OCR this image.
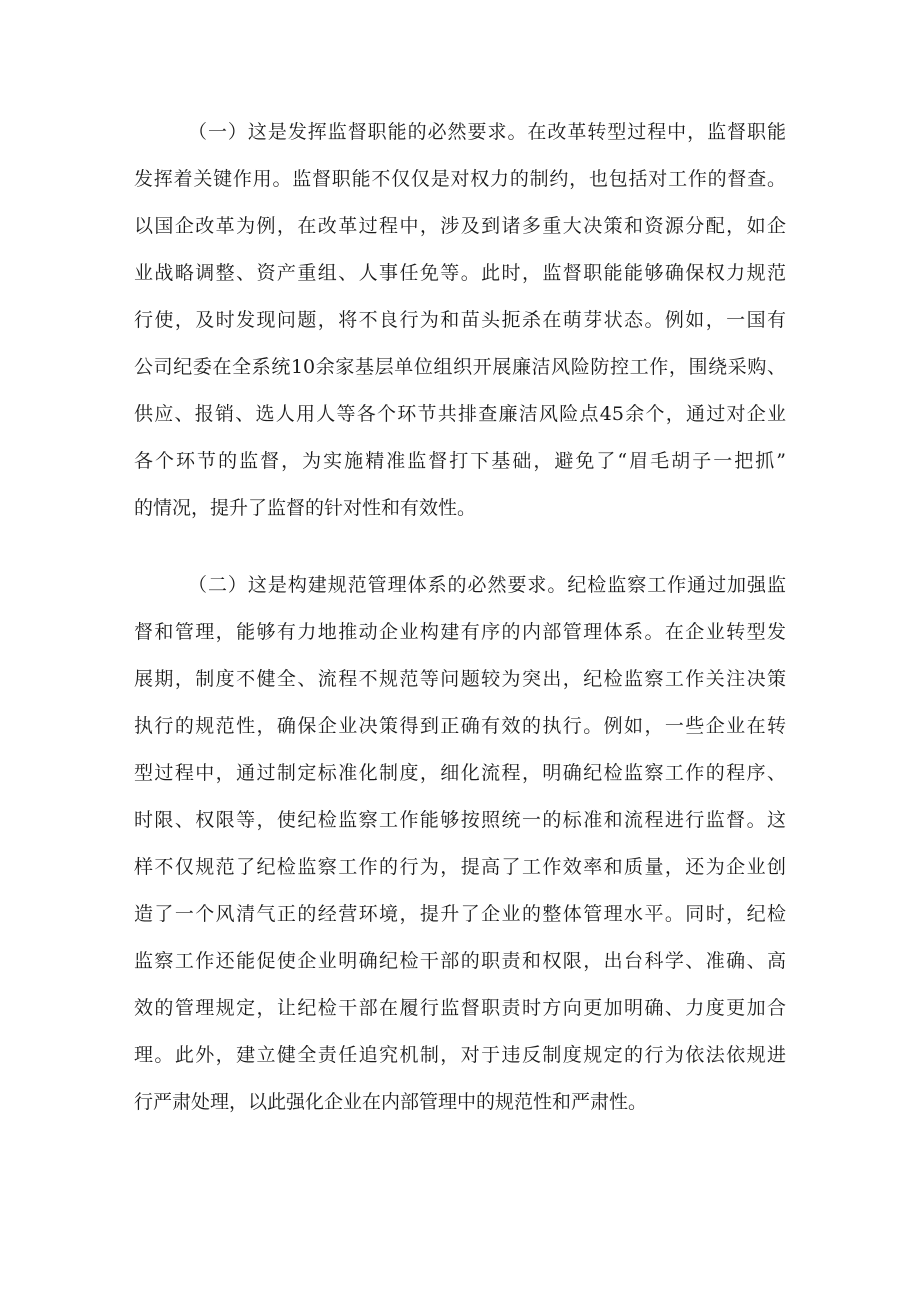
（一）这是发挥监督职能的必然要求。在改革转型过程中，监督职能
发挥着关键作用。监督职能不仅仅是对权力的制约，也包括对工作的督查。
以国企改革为例，在改革过程中，涉及到诸多重大决策和资源分配，如企
业战略调整、资产重组、人事任免等。此时，监督职能能够确保权力规范
行使，及时发现问题，将不良行为和苗头扼杀在萌芽状态。例如，一国有
公司纪委在全系统10余家基层单位组织开展廉洁风险防控工作，围绕采购、
供应、报销、选人用人等各个环节共排查廉洁风险点45余个，通过对企业
各个环节的监督，为实施精准监督打下基础，避免了“眉毛胡子一把抓”
的情况，提升了监督的针对性和有效性。
（二）这是构建规范管理体系的必然要求。纪检监察工作通过加强监
督和管理，能够有力地推动企业构建有序的内部管理体系。在企业转型发
展期，制度不健全、流程不规范等问题较为突出，纪检监察工作关注决策
执行的规范性，确保企业决策得到正确有效的执行。例如，一些企业在转
型过程中，通过制定标准化制度，细化流程，明确纪检监察工作的程序、
时限、权限等，使纪检监察工作能够按照统一的标准和流程进行监督。这
样不仅规范了纪检监察工作的行为，提高了工作效率和质量，还为企业创
造了一个风清气正的经营环境，提升了企业的整体管理水平。同时，纪检
监察工作还能促使企业明确纪检干部的职责和权限，出台科学、准确、高
效的管理规定，让纪检干部在履行监督职责时方向更加明确、力度更加合
理。此外，建立健全责任追究机制，对于违反制度规定的行为依法依规进
行严肃处理，以此强化企业在内部管理中的规范性和严肃性。
